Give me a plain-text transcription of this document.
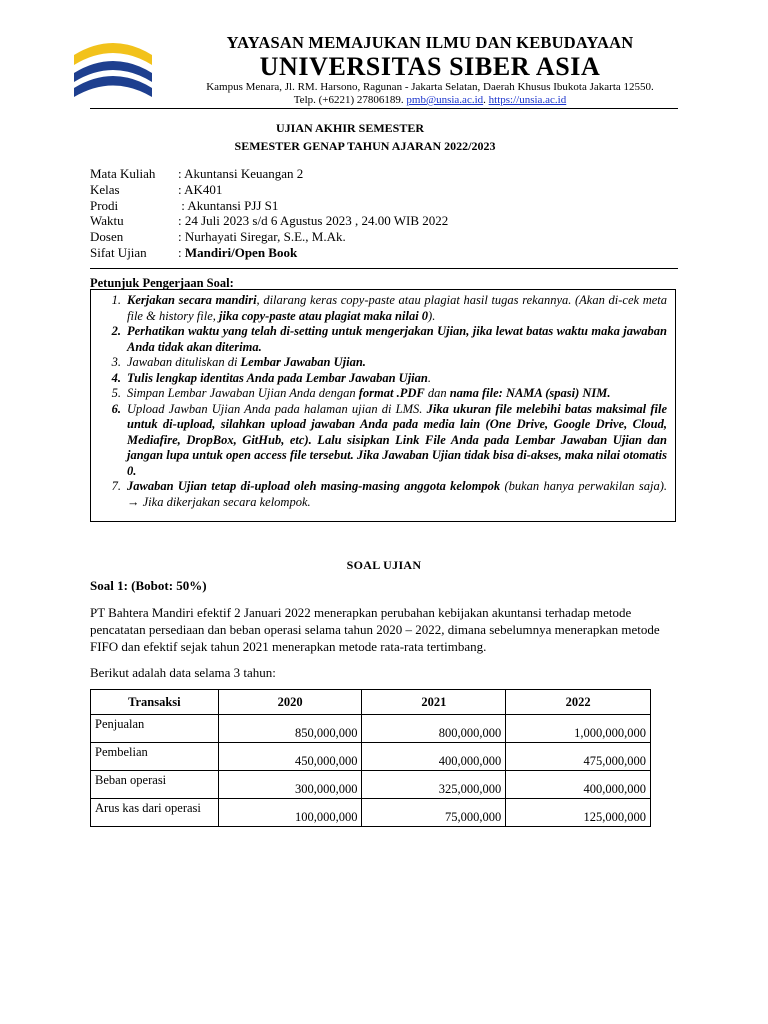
YAYASAN MEMAJUKAN ILMU DAN KEBUDAYAAN
UNIVERSITAS SIBER ASIA
Kampus Menara, Jl. RM. Harsono, Ragunan - Jakarta Selatan, Daerah Khusus Ibukota Jakarta 12550.
Telp. (+6221) 27806189. pmb@unsia.ac.id. https://unsia.ac.id
UJIAN AKHIR SEMESTER
SEMESTER GENAP TAHUN AJARAN 2022/2023
Mata Kuliah	: Akuntansi Keuangan 2
Kelas	: AK401
Prodi	: Akuntansi PJJ S1
Waktu	: 24 Juli 2023 s/d 6 Agustus 2023 , 24.00 WIB 2022
Dosen	: Nurhayati Siregar, S.E., M.Ak.
Sifat Ujian	: Mandiri/Open Book
Petunjuk Pengerjaan Soal:
1. Kerjakan secara mandiri, dilarang keras copy-paste atau plagiat hasil tugas rekannya. (Akan di-cek meta file & history file, jika copy-paste atau plagiat maka nilai 0).
2. Perhatikan waktu yang telah di-setting untuk mengerjakan Ujian, jika lewat batas waktu maka jawaban Anda tidak akan diterima.
3. Jawaban dituliskan di Lembar Jawaban Ujian.
4. Tulis lengkap identitas Anda pada Lembar Jawaban Ujian.
5. Simpan Lembar Jawaban Ujian Anda dengan format .PDF dan nama file: NAMA (spasi) NIM.
6. Upload Jawban Ujian Anda pada halaman ujian di LMS. Jika ukuran file melebihi batas maksimal file untuk di-upload, silahkan upload jawaban Anda pada media lain (One Drive, Google Drive, Cloud, Mediafire, DropBox, GitHub, etc). Lalu sisipkan Link File Anda pada Lembar Jawaban Ujian dan jangan lupa untuk open access file tersebut. Jika Jawaban Ujian tidak bisa di-akses, maka nilai otomatis 0.
7. Jawaban Ujian tetap di-upload oleh masing-masing anggota kelompok (bukan hanya perwakilan saja). → Jika dikerjakan secara kelompok.
SOAL UJIAN
Soal 1: (Bobot: 50%)
PT Bahtera Mandiri efektif 2 Januari 2022 menerapkan perubahan kebijakan akuntansi terhadap metode pencatatan persediaan dan beban operasi selama tahun 2020 – 2022, dimana sebelumnya menerapkan metode FIFO dan efektif sejak tahun 2021 menerapkan metode rata-rata tertimbang.
Berikut adalah data selama 3 tahun:
Transaksi	2020	2021	2022
Penjualan	850,000,000	800,000,000	1,000,000,000
Pembelian	450,000,000	400,000,000	475,000,000
Beban operasi	300,000,000	325,000,000	400,000,000
Arus kas dari operasi	100,000,000	75,000,000	125,000,000
